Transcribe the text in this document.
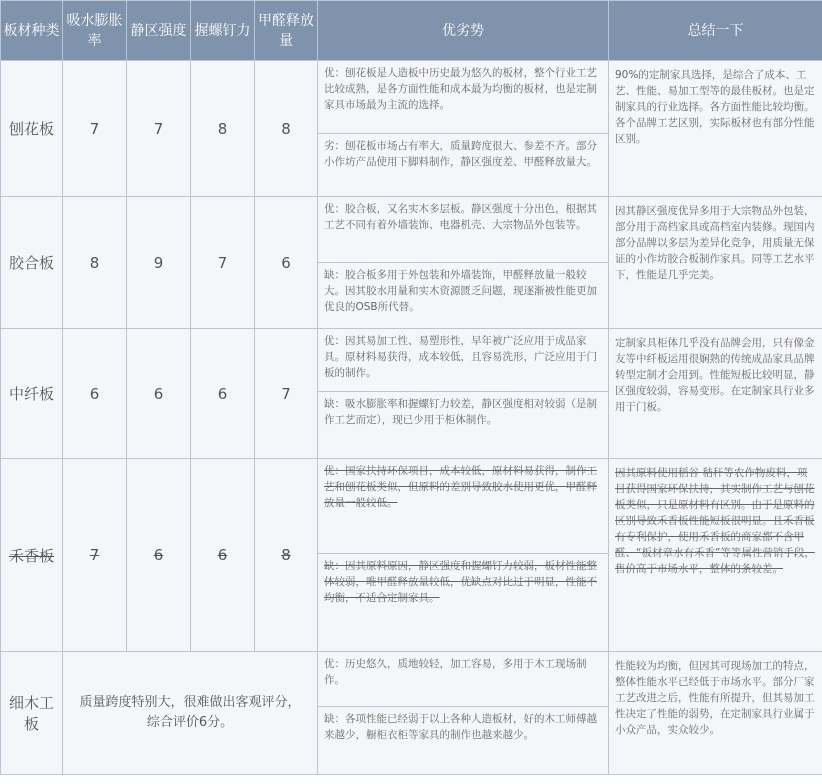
板材种类	吸水膨胀率	静区强度	握螺钉力	甲醛释放量	优劣势	总结一下
刨花板	7	7	8	8	优：刨花板是人造板中历史最为悠久的板材，整个行业工艺比较成熟，是各方面性能和成本最为均衡的板材，也是定制家具市场最为主流的选择。	90%的定制家具选择，是综合了成本、工艺、性能、易加工型等的最佳板材。也是定制家具的行业选择。各方面性能比较均衡。各个品牌工艺区别，实际板材也有部分性能区别。
					劣：刨花板市场占有率大，质量跨度很大、参差不齐。部分小作坊产品使用下脚料制作，静区强度差、甲醛释放量大。	
胶合板	8	9	7	6	优：胶合板，又名实木多层板。静区强度十分出色，根据其工艺不同有着外墙装饰、电器机壳、大宗物品外包装等。	因其静区强度优异多用于大宗物品外包装，部分用于高档家具或高档室内装修。现国内部分品牌以多层为差异化竞争，用质量无保证的小作坊胶合板制作家具。同等工艺水平下，性能是几乎完美。
					缺：胶合板多用于外包装和外墙装饰，甲醛释放量一般较大。因其胶水用量和实木资源匮乏问题，现逐渐被性能更加优良的OSB所代替。	
中纤板	6	6	6	7	优：因其易加工性、易塑形性，早年被广泛应用于成品家具。原材料易获得，成本较低，且容易洗形，广泛应用于门板的制作。	定制家具柜体几乎没有品牌会用，只有像金友等中纤板运用很娴熟的传统成品家具品牌转型定制才会用到。性能短板比较明显，静区强度较弱，容易变形。在定制家具行业多用于门板。
					缺：吸水膨胀率和握螺钉力较差，静区强度相对较弱（是制作工艺而定），现已少用于柜体制作。	
禾香板	7	6	6	8	优：国家扶持环保项目，成本较低，原材料易获得，制作工艺和刨花板类似，但原料的差别导致胶水使用更优，甲醛释放量一般较低。	因其原料使用稻谷 秸秆等农作物废料，项目获得国家环保扶持，其实制作工艺与刨花板类似，只是原材料有区别。由于是原料的区别导致禾香板性能短板很明显。且禾香板有专利保护，使用禾香板的商家都不含甲醛、“板材章水有禾香”等等属性营销手段，售价高于市场水平，整体的条较差。
					缺：因其原料原因，静区强度和握螺钉力较弱，板材性能整体较弱，唯甲醛释放量较低，优缺点对比过于明显，性能不均衡，不适合定制家具。	
细木工板	质量跨度特别大，很难做出客观评分，综合评价6分。				优：历史悠久，质地较轻，加工容易，多用于木工现场制作。	性能较为均衡，但因其可现场加工的特点，整体性能水平已经低于市场水平。部分厂家工艺改进之后，性能有所提升，但其易加工性决定了性能的弱势，在定制家具行业属于小众产品，实众较少。
					缺：各项性能已经弱于以上各种人造板材，好的木工师傅越来越少，橱柜衣柜等家具的制作也越来越少。	
